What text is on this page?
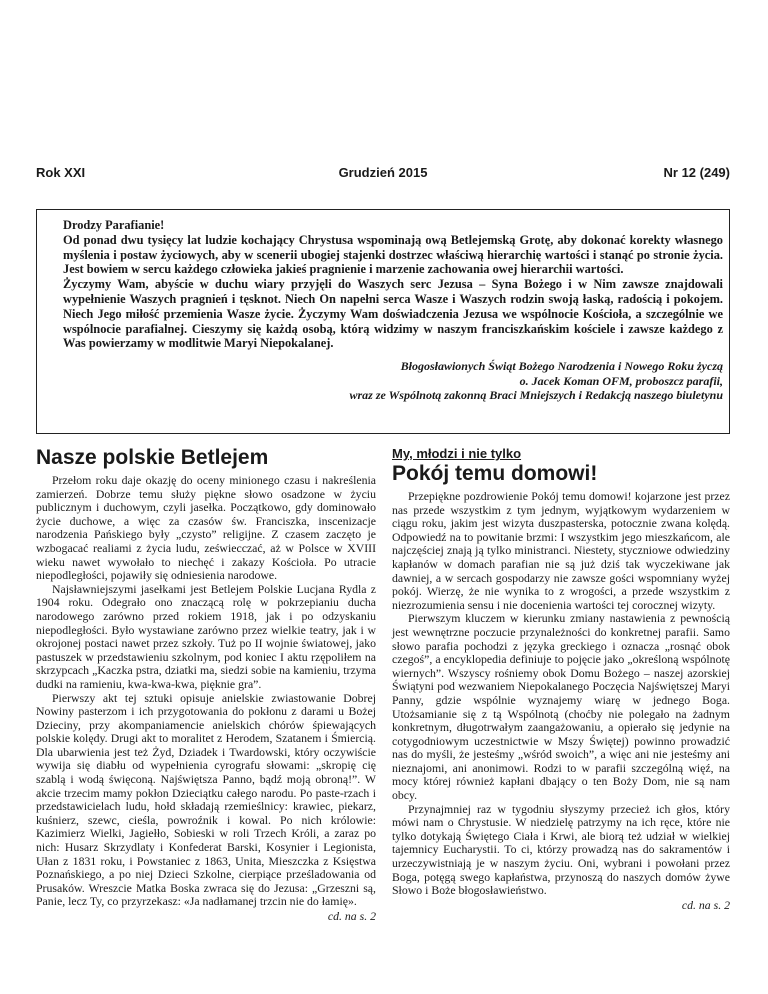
Rok XXI	Grudzień 2015	Nr 12 (249)

Drodzy Parafianie!

Od ponad dwu tysięcy lat ludzie kochający Chrystusa wspominają ową Betlejemską Grotę, aby dokonać korekty własnego myślenia i postaw życiowych, aby w scenerii ubogiej stajenki dostrzec właściwą hierarchię wartości i stanąć po stronie życia. Jest bowiem w sercu każdego człowieka jakieś pragnienie i marzenie zachowania owej hierarchii wartości.

Życzymy Wam, abyście w duchu wiary przyjęli do Waszych serc Jezusa – Syna Bożego i w Nim zawsze znajdowali wypełnienie Waszych pragnień i tęsknot. Niech On napełni serca Wasze i Waszych rodzin swoją łaską, radością i pokojem. Niech Jego miłość przemienia Wasze życie. Życzymy Wam doświadczenia Jezusa we wspólnocie Kościoła, a szczególnie we wspólnocie parafialnej. Cieszymy się każdą osobą, którą widzimy w naszym franciszkańskim kościele i zawsze każdego z Was powierzamy w modlitwie Maryi Niepokalanej.

Błogosławionych Świąt Bożego Narodzenia i Nowego Roku życzą
o. Jacek Koman OFM, proboszcz parafii,
wraz ze Wspólnotą zakonną Braci Mniejszych i Redakcją naszego biuletynu

Nasze polskie Betlejem

Przełom roku daje okazję do oceny minionego czasu i nakreślenia zamierzeń. Dobrze temu służy piękne słowo osadzone w życiu publicznym i duchowym, czyli jasełka. Początkowo, gdy dominowało życie duchowe, a więc za czasów św. Franciszka, inscenizacje narodzenia Pańskiego były „czysto” religijne. Z czasem zaczęto je wzbogacać realiami z życia ludu, zeświecczać, aż w Polsce w XVIII wieku nawet wywołało to niechęć i zakazy Kościoła. Po utracie niepodległości, pojawiły się odniesienia narodowe.

Najsławniejszymi jasełkami jest Betlejem Polskie Lucjana Rydla z 1904 roku. Odegrało ono znaczącą rolę w pokrzepianiu ducha narodowego zarówno przed rokiem 1918, jak i po odzyskaniu niepodległości. Było wystawiane zarówno przez wielkie teatry, jak i w okrojonej postaci nawet przez szkoły. Tuż po II wojnie światowej, jako pastuszek w przedstawieniu szkolnym, pod koniec I aktu rzępoliłem na skrzypcach „Kaczka pstra, dziatki ma, siedzi sobie na kamieniu, trzyma dudki na ramieniu, kwa-kwa-kwa, pięknie gra”.

Pierwszy akt tej sztuki opisuje anielskie zwiastowanie Dobrej Nowiny pasterzom i ich przygotowania do pokłonu z darami u Bożej Dzieciny, przy akompaniamencie anielskich chórów śpiewających polskie kolędy. Drugi akt to moralitet z Herodem, Szatanem i Śmiercią. Dla ubarwienia jest też Żyd, Dziadek i Twardowski, który oczywiście wywija się diabłu od wypełnienia cyrografu słowami: „skropię cię szablą i wodą święconą. Najświętsza Panno, bądź moją obroną!”. W akcie trzecim mamy pokłon Dzieciątku całego narodu. Po paste-rzach i przedstawicielach ludu, hołd składają rzemieślnicy: krawiec, piekarz, kuśnierz, szewc, cieśla, powroźnik i kowal. Po nich królowie: Kazimierz Wielki, Jagiełło, Sobieski w roli Trzech Króli, a zaraz po nich: Husarz Skrzydlaty i Konfederat Barski, Kosynier i Legionista, Ułan z 1831 roku, i Powstaniec z 1863, Unita, Mieszczka z Księstwa Poznańskiego, a po niej Dzieci Szkolne, cierpiące prześladowania od Prusaków. Wreszcie Matka Boska zwraca się do Jezusa: „Grzeszni są, Panie, lecz Ty, co przyrzekasz: «Ja nadłamanej trzcin nie do łamię».

cd. na s. 2
My, młodzi i nie tylko
Pokój temu domowi!

Przepiękne pozdrowienie Pokój temu domowi! kojarzone jest przez nas przede wszystkim z tym jednym, wyjątkowym wydarzeniem w ciągu roku, jakim jest wizyta duszpasterska, potocznie zwana kolędą. Odpowiedź na to powitanie brzmi: I wszystkim jego mieszkańcom, ale najczęściej znają ją tylko ministranci. Niestety, styczniowe odwiedziny kapłanów w domach parafian nie są już dziś tak wyczekiwane jak dawniej, a w sercach gospodarzy nie zawsze gości wspomniany wyżej pokój. Wierzę, że nie wynika to z wrogości, a przede wszystkim z niezrozumienia sensu i nie docenienia wartości tej corocznej wizyty.

Pierwszym kluczem w kierunku zmiany nastawienia z pewnością jest wewnętrzne poczucie przynależności do konkretnej parafii. Samo słowo parafia pochodzi z języka greckiego i oznacza „rosnąć obok czegoś”, a encyklopedia definiuje to pojęcie jako „określoną wspólnotę wiernych”. Wszyscy rośniemy obok Domu Bożego – naszej azorskiej Świątyni pod wezwaniem Niepokalanego Poczęcia Najświętszej Maryi Panny, gdzie wspólnie wyznajemy wiarę w jednego Boga. Utożsamianie się z tą Wspólnotą (choćby nie polegało na żadnym konkretnym, długotrwałym zaangażowaniu, a opierało się jedynie na cotygodniowym uczestnictwie w Mszy Świętej) powinno prowadzić nas do myśli, że jesteśmy „wśród swoich”, a więc ani nie jesteśmy ani nieznajomi, ani anonimowi. Rodzi to w parafii szczególną więź, na mocy której również kapłani dbający o ten Boży Dom, nie są nam obcy.

Przynajmniej raz w tygodniu słyszymy przecież ich głos, który mówi nam o Chrystusie. W niedzielę patrzymy na ich ręce, które nie tylko dotykają Świętego Ciała i Krwi, ale biorą też udział w wielkiej tajemnicy Eucharystii. To ci, którzy prowadzą nas do sakramentów i urzeczywistniają je w naszym życiu. Oni, wybrani i powołani przez Boga, potęgą swego kapłaństwa, przynoszą do naszych domów żywe Słowo i Boże błogosławieństwo.

cd. na s. 2
